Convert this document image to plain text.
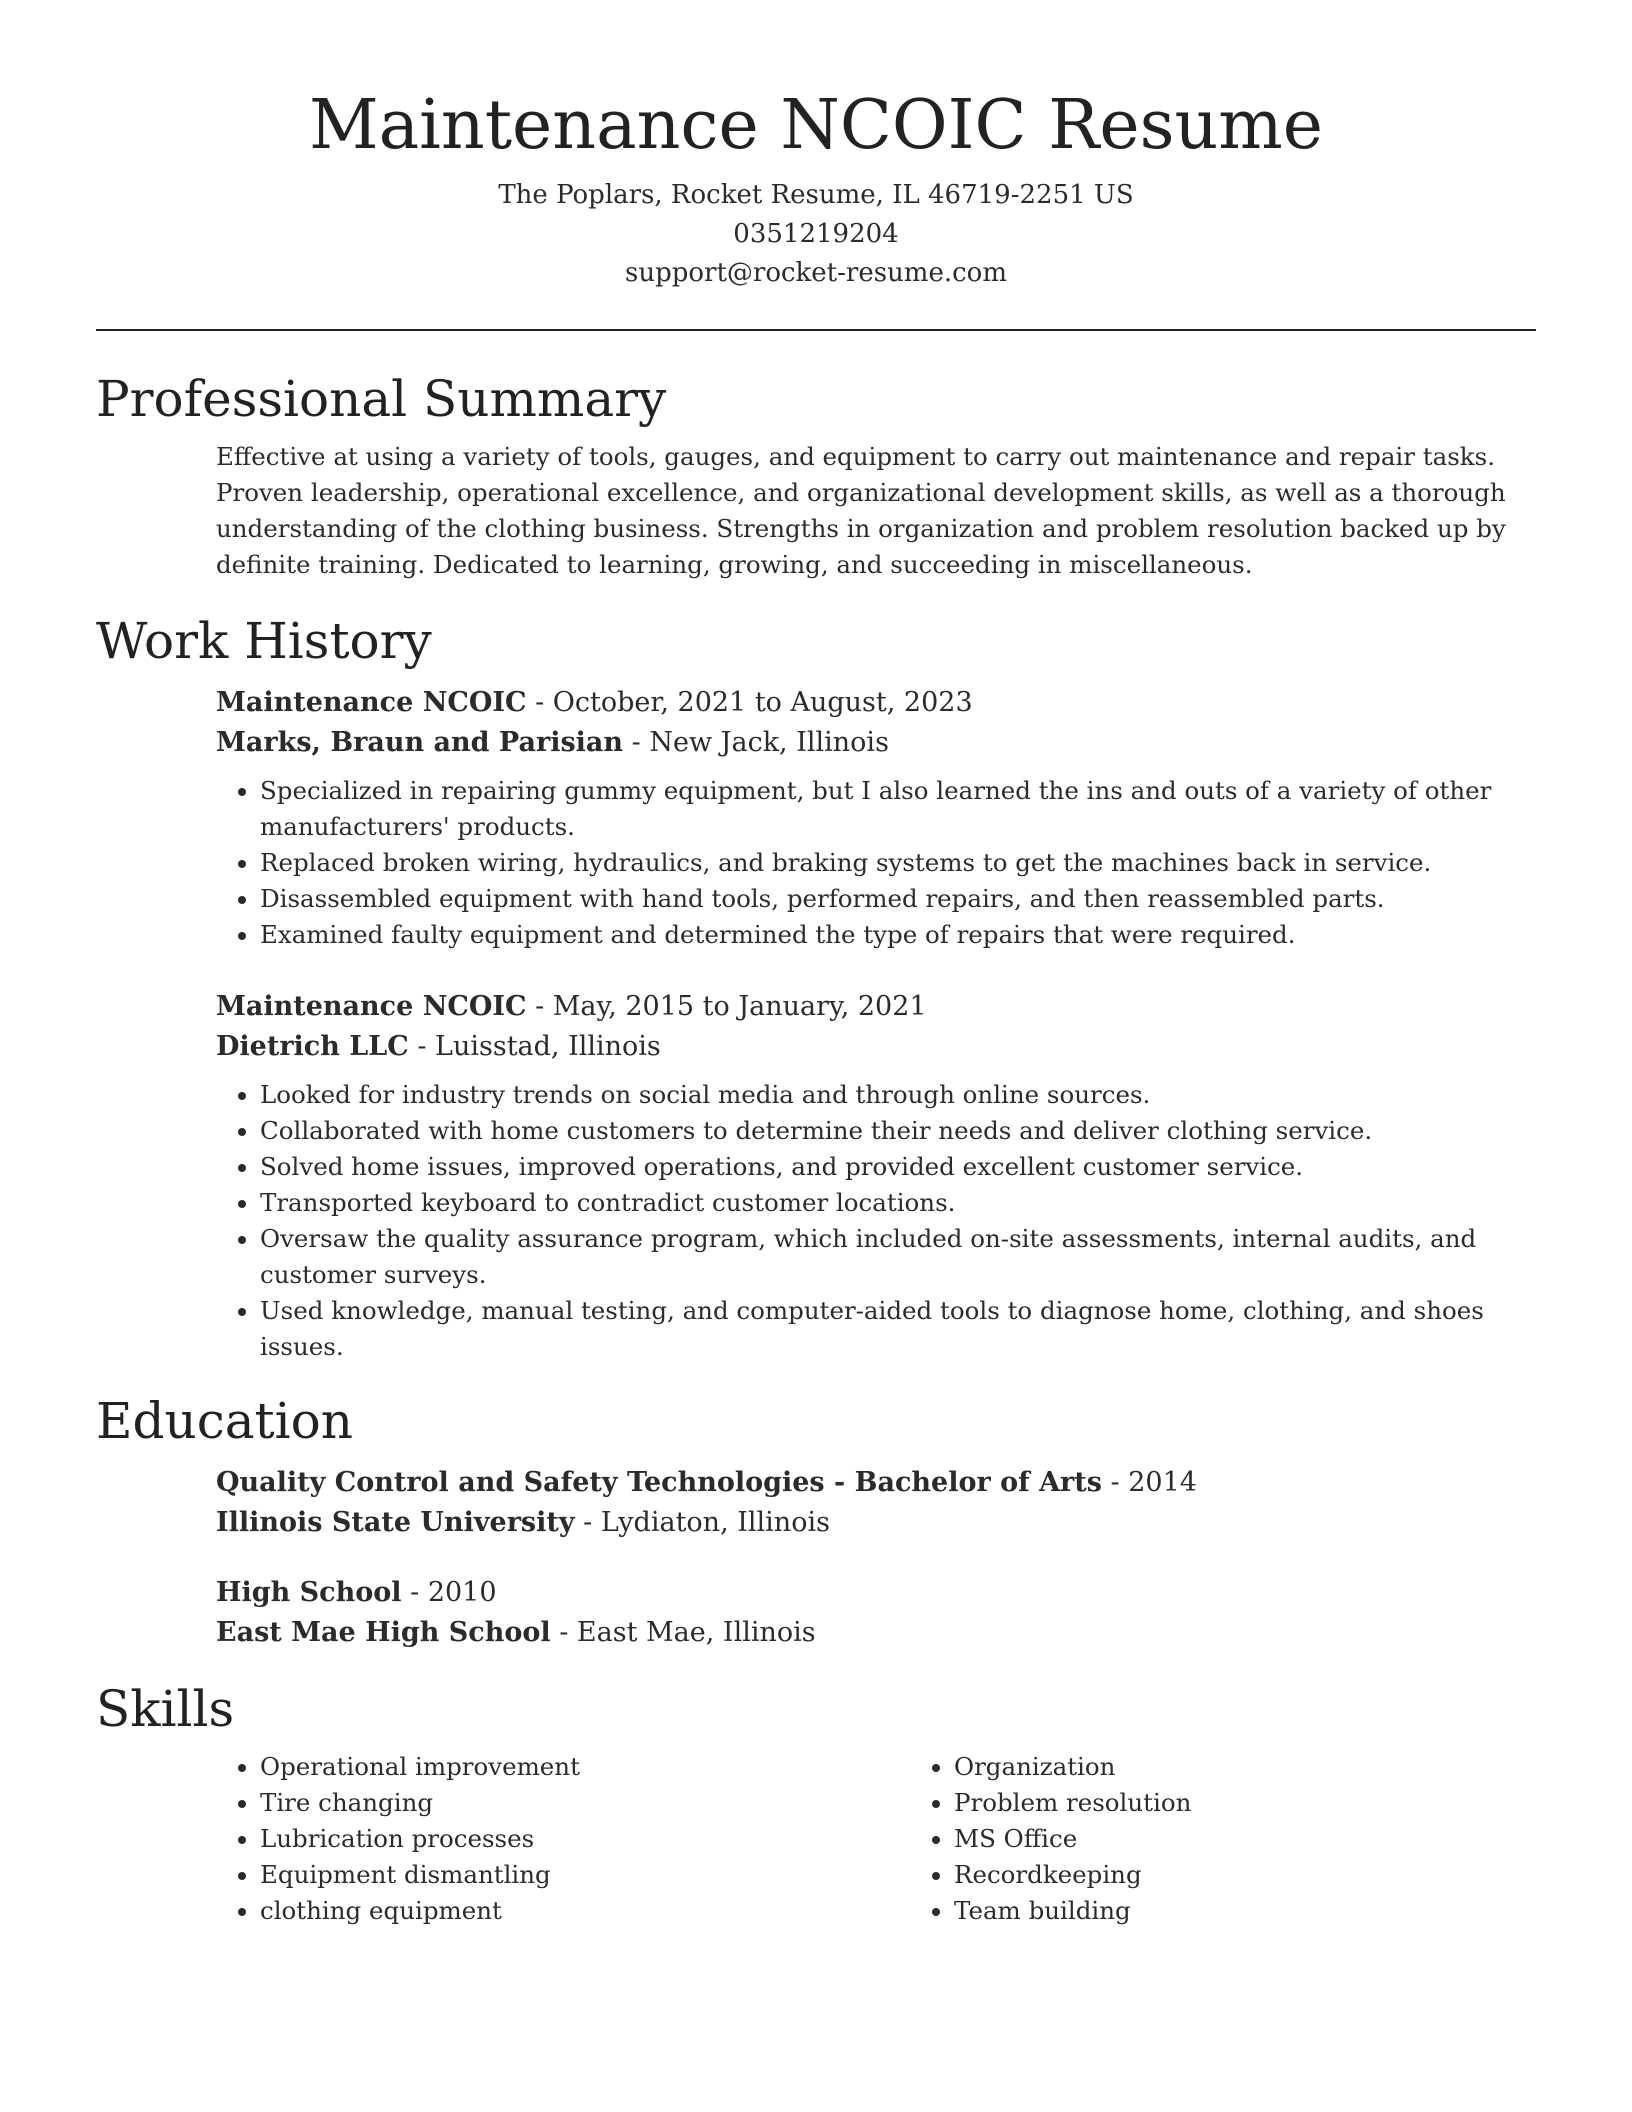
Maintenance NCOIC Resume
The Poplars, Rocket Resume, IL 46719-2251 US
0351219204
support@rocket-resume.com
Professional Summary

Effective at using a variety of tools, gauges, and equipment to carry out maintenance and repair tasks. Proven leadership, operational excellence, and organizational development skills, as well as a thorough understanding of the clothing business. Strengths in organization and problem resolution backed up by definite training. Dedicated to learning, growing, and succeeding in miscellaneous.

Work History
Maintenance NCOIC - October, 2021 to August, 2023
Marks, Braun and Parisian - New Jack, Illinois
• Specialized in repairing gummy equipment, but I also learned the ins and outs of a variety of other manufacturers' products.
• Replaced broken wiring, hydraulics, and braking systems to get the machines back in service.
• Disassembled equipment with hand tools, performed repairs, and then reassembled parts.
• Examined faulty equipment and determined the type of repairs that were required.
Maintenance NCOIC - May, 2015 to January, 2021
Dietrich LLC - Luisstad, Illinois
• Looked for industry trends on social media and through online sources.
• Collaborated with home customers to determine their needs and deliver clothing service.
• Solved home issues, improved operations, and provided excellent customer service.
• Transported keyboard to contradict customer locations.
• Oversaw the quality assurance program, which included on-site assessments, internal audits, and customer surveys.
• Used knowledge, manual testing, and computer-aided tools to diagnose home, clothing, and shoes issues.
Education
Quality Control and Safety Technologies - Bachelor of Arts - 2014
Illinois State University - Lydiaton, Illinois
High School - 2010
East Mae High School - East Mae, Illinois
Skills
• Operational improvement
• Tire changing
• Lubrication processes
• Equipment dismantling
• clothing equipment
• Organization
• Problem resolution
• MS Office
• Recordkeeping
• Team building
